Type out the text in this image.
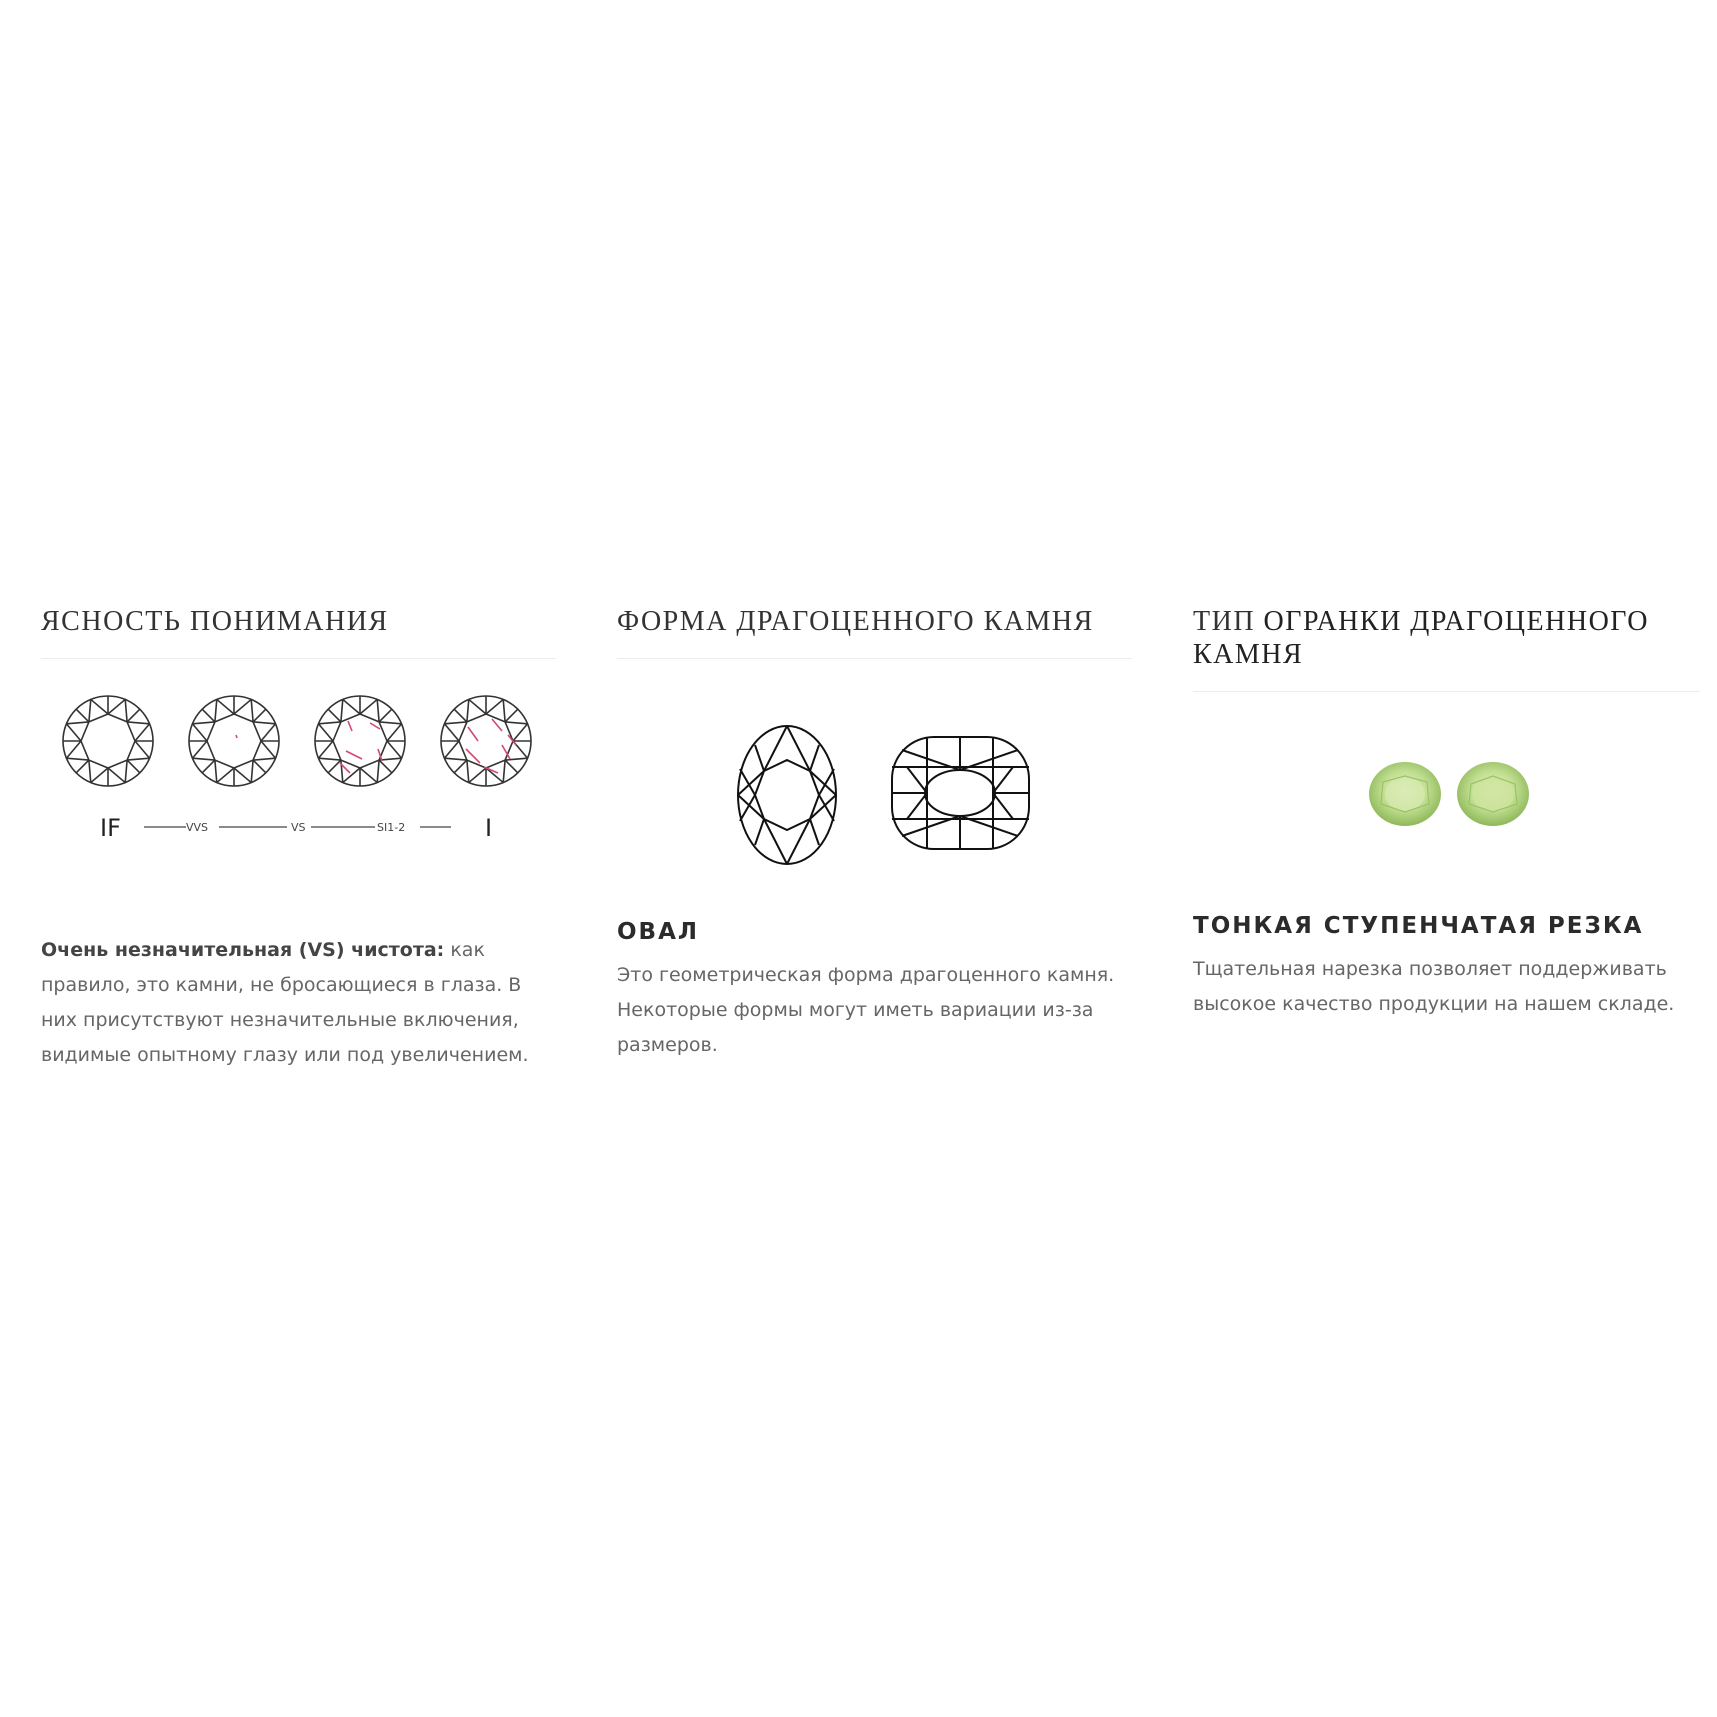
ЯСНОСТЬ ПОНИМАНИЯ
IF	VVS	VS	SI1-2	I

Очень незначительная (VS) чистота: как правило, это камни, не бросающиеся в глаза. В них присутствуют незначительные включения, видимые опытному глазу или под увеличением.

ФОРМА ДРАГОЦЕННОГО КАМНЯ
ОВАЛ

Это геометрическая форма драгоценного камня. Некоторые формы могут иметь вариации из-за размеров.

ТИП ОГРАНКИ ДРАГОЦЕННОГО КАМНЯ
ТОНКАЯ СТУПЕНЧАТАЯ РЕЗКА

Тщательная нарезка позволяет поддерживать высокое качество продукции на нашем складе.
